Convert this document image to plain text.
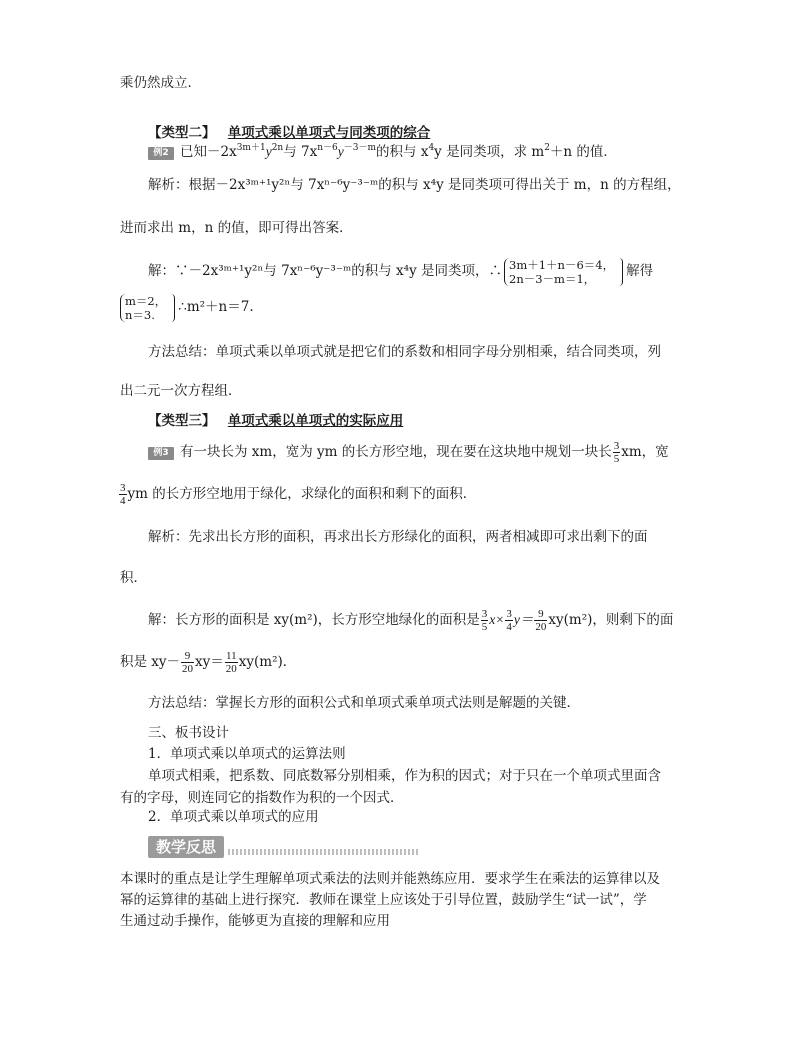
乘仍然成立．
【类型二】 单项式乘以单项式与同类项的综合
例2 已知$-2x^{3m+1}y^{2n}$与 $7x^{n-6}y^{-3-m}$的积与 $x^4y$ 是同类项，求 $m^2+n$ 的值．
解析：根据－2x³ᵐ⁺¹y²ⁿ与 7xⁿ⁻⁶y⁻³⁻ᵐ的积与 x⁴y 是同类项可得出关于 m，n 的方程组，
进而求出 m，n 的值，即可得出答案．
解：∵－2x³ᵐ⁺¹y²ⁿ与 7xⁿ⁻⁶y⁻³⁻ᵐ的积与 x⁴y 是同类项，∴ 3m＋1＋n－6＝4，
2n－3－m＝1，	解得
m＝2，
n＝3.	∴m²＋n＝7.
方法总结：单项式乘以单项式就是把它们的系数和相同字母分别相乘，结合同类项，列
出二元一次方程组．
【类型三】 单项式乘以单项式的实际应用
例3 有一块长为 xm，宽为 ym 的长方形空地，现在要在这块地中规划一块长 $\frac{3}{5}$ xm，宽
$\frac{3}{4}$ ym 的长方形空地用于绿化，求绿化的面积和剩下的面积．
解析：先求出长方形的面积，再求出长方形绿化的面积，两者相减即可求出剩下的面
积．
解：长方形的面积是 xy(m²)，长方形空地绿化的面积是 $\frac{3}{5} x\times \frac{3}{4} y= \frac{9}{20} xy(m^2)$，则剩下的面
积是 $xy- \frac{9}{20} xy= \frac{11}{20} xy(m^2)$．
方法总结：掌握长方形的面积公式和单项式乘单项式法则是解题的关键．
三、板书设计
1．单项式乘以单项式的运算法则
单项式相乘，把系数、同底数幂分别相乘，作为积的因式；对于只在一个单项式里面含
有的字母，则连同它的指数作为积的一个因式．
2．单项式乘以单项式的应用
教学反思
本课时的重点是让学生理解单项式乘法的法则并能熟练应用．要求学生在乘法的运算律以及
幂的运算律的基础上进行探究．教师在课堂上应该处于引导位置，鼓励学生“试一试”，学
生通过动手操作，能够更为直接的理解和应用
